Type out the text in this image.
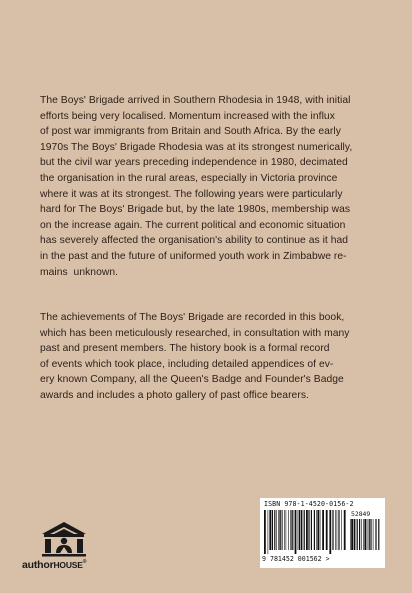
The Boys' Brigade arrived in Southern Rhodesia in 1948, with initial
efforts being very localised. Momentum increased with the influx
of post war immigrants from Britain and South Africa. By the early
1970s The Boys' Brigade Rhodesia was at its strongest numerically,
but the civil war years preceding independence in 1980, decimated
the organisation in the rural areas, especially in Victoria province
where it was at its strongest. The following years were particularly
hard for The Boys' Brigade but, by the late 1980s, membership was
on the increase again. The current political and economic situation
has severely affected the organisation's ability to continue as it had
in the past and the future of uniformed youth work in Zimbabwe re-
mains  unknown.
The achievements of The Boys' Brigade are recorded in this book,
which has been meticulously researched, in consultation with many
past and present members. The history book is a formal record
of events which took place, including detailed appendices of ev-
ery known Company, all the Queen's Badge and Founder's Badge
awards and includes a photo gallery of past office bearers.
authorHOUSE®
ISBN 978-1-4520-0156-2
52849
9 781452 001562 >
